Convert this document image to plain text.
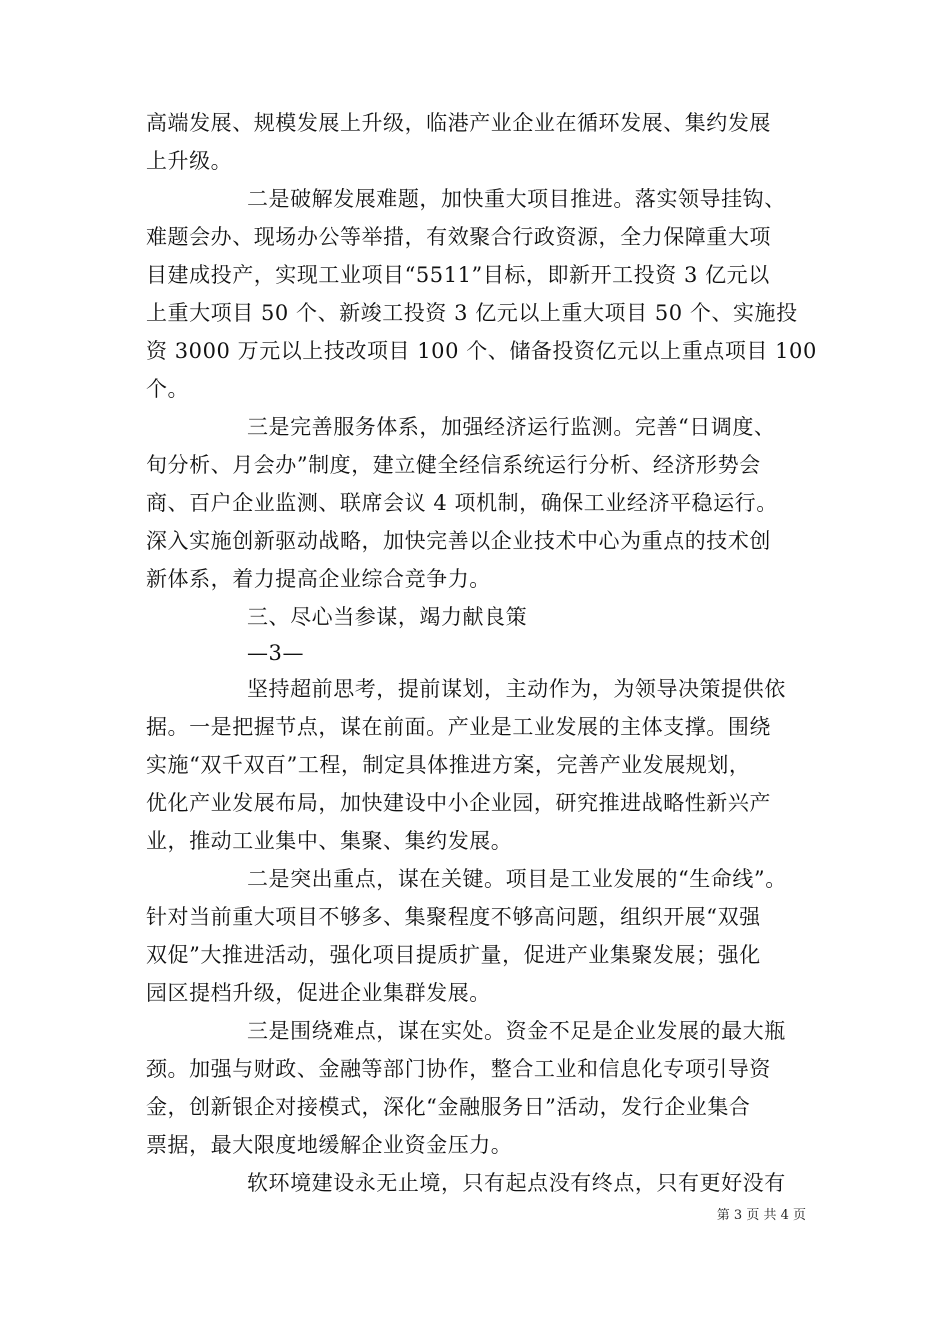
高端发展、规模发展上升级，临港产业企业在循环发展、集约发展
上升级。
二是破解发展难题，加快重大项目推进。落实领导挂钩、
难题会办、现场办公等举措，有效聚合行政资源，全力保障重大项
目建成投产，实现工业项目“5511”目标，即新开工投资 3 亿元以
上重大项目 50 个、新竣工投资 3 亿元以上重大项目 50 个、实施投
资 3000 万元以上技改项目 100 个、储备投资亿元以上重点项目 100
个。
三是完善服务体系，加强经济运行监测。完善“日调度、
旬分析、月会办”制度，建立健全经信系统运行分析、经济形势会
商、百户企业监测、联席会议 4 项机制，确保工业经济平稳运行。
深入实施创新驱动战略，加快完善以企业技术中心为重点的技术创
新体系，着力提高企业综合竞争力。
三、尽心当参谋，竭力献良策
—3—
坚持超前思考，提前谋划，主动作为，为领导决策提供依
据。一是把握节点，谋在前面。产业是工业发展的主体支撑。围绕
实施“双千双百”工程，制定具体推进方案，完善产业发展规划，
优化产业发展布局，加快建设中小企业园，研究推进战略性新兴产
业，推动工业集中、集聚、集约发展。
二是突出重点，谋在关键。项目是工业发展的“生命线”。
针对当前重大项目不够多、集聚程度不够高问题，组织开展“双强
双促”大推进活动，强化项目提质扩量，促进产业集聚发展；强化
园区提档升级，促进企业集群发展。
三是围绕难点，谋在实处。资金不足是企业发展的最大瓶
颈。加强与财政、金融等部门协作，整合工业和信息化专项引导资
金，创新银企对接模式，深化“金融服务日”活动，发行企业集合
票据，最大限度地缓解企业资金压力。
软环境建设永无止境，只有起点没有终点，只有更好没有
第 3 页 共 4 页
